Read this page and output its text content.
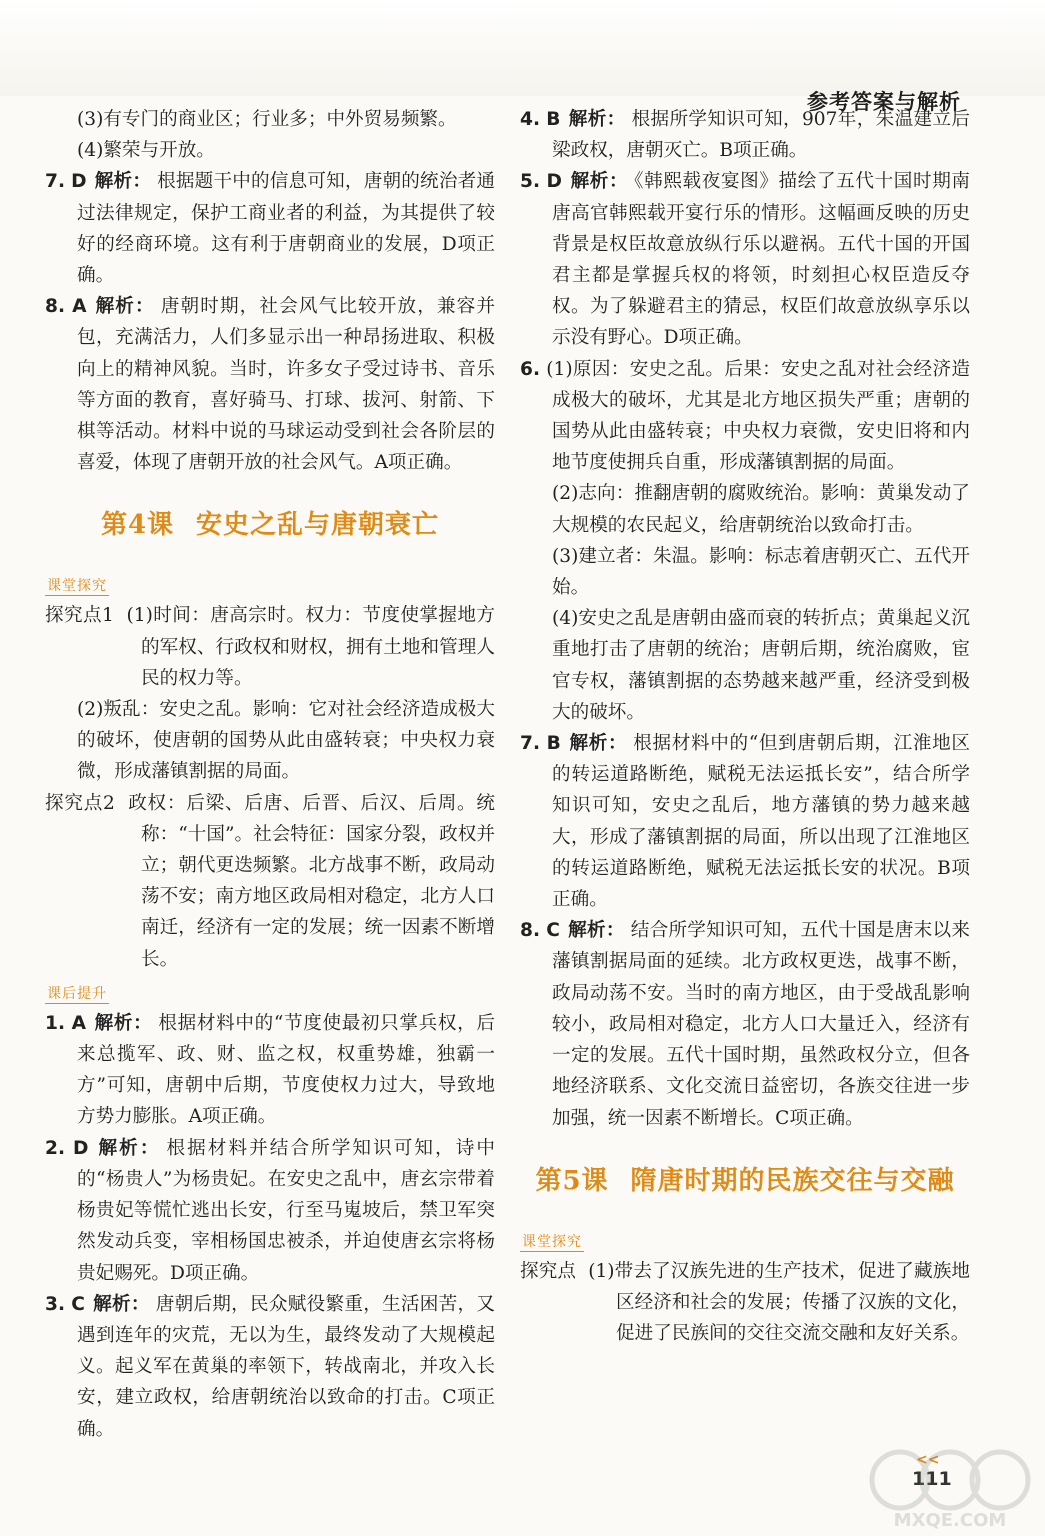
参考答案与解析

(3)有专门的商业区；行业多；中外贸易频繁。

(4)繁荣与开放。

7. D 解析： 根据题干中的信息可知，唐朝的统治者通过法律规定，保护工商业者的利益，为其提供了较好的经商环境。这有利于唐朝商业的发展，D项正确。

8. A 解析： 唐朝时期，社会风气比较开放，兼容并包，充满活力，人们多显示出一种昂扬进取、积极向上的精神风貌。当时，许多女子受过诗书、音乐等方面的教育，喜好骑马、打球、拔河、射箭、下棋等活动。材料中说的马球运动受到社会各阶层的喜爱，体现了唐朝开放的社会风气。A项正确。

第4课 安史之乱与唐朝衰亡
课堂探究

探究点1 (1)时间：唐高宗时。权力：节度使掌握地方的军权、行政权和财权，拥有土地和管理人民的权力等。

(2)叛乱：安史之乱。影响：它对社会经济造成极大的破坏，使唐朝的国势从此由盛转衰；中央权力衰微，形成藩镇割据的局面。

探究点2 政权：后梁、后唐、后晋、后汉、后周。统称：“十国”。社会特征：国家分裂，政权并立；朝代更迭频繁。北方战事不断，政局动荡不安；南方地区政局相对稳定，北方人口南迁，经济有一定的发展；统一因素不断增长。

课后提升

1. A 解析： 根据材料中的“节度使最初只掌兵权，后来总揽军、政、财、监之权，权重势雄，独霸一方”可知，唐朝中后期，节度使权力过大，导致地方势力膨胀。A项正确。

2. D 解析： 根据材料并结合所学知识可知，诗中的“杨贵人”为杨贵妃。在安史之乱中，唐玄宗带着杨贵妃等慌忙逃出长安，行至马嵬坡后，禁卫军突然发动兵变，宰相杨国忠被杀，并迫使唐玄宗将杨贵妃赐死。D项正确。

3. C 解析： 唐朝后期，民众赋役繁重，生活困苦，又遇到连年的灾荒，无以为生，最终发动了大规模起义。起义军在黄巢的率领下，转战南北，并攻入长安，建立政权，给唐朝统治以致命的打击。C项正确。

4. B 解析： 根据所学知识可知，907年，朱温建立后梁政权，唐朝灭亡。B项正确。

5. D 解析： 《韩熙载夜宴图》描绘了五代十国时期南唐高官韩熙载开宴行乐的情形。这幅画反映的历史背景是权臣故意放纵行乐以避祸。五代十国的开国君主都是掌握兵权的将领，时刻担心权臣造反夺权。为了躲避君主的猜忌，权臣们故意放纵享乐以示没有野心。D项正确。

6. (1)原因：安史之乱。后果：安史之乱对社会经济造成极大的破坏，尤其是北方地区损失严重；唐朝的国势从此由盛转衰；中央权力衰微，安史旧将和内地节度使拥兵自重，形成藩镇割据的局面。

(2)志向：推翻唐朝的腐败统治。影响：黄巢发动了大规模的农民起义，给唐朝统治以致命打击。

(3)建立者：朱温。影响：标志着唐朝灭亡、五代开始。

(4)安史之乱是唐朝由盛而衰的转折点；黄巢起义沉重地打击了唐朝的统治；唐朝后期，统治腐败，宦官专权，藩镇割据的态势越来越严重，经济受到极大的破坏。

7. B 解析： 根据材料中的“但到唐朝后期，江淮地区的转运道路断绝，赋税无法运抵长安”，结合所学知识可知，安史之乱后，地方藩镇的势力越来越大，形成了藩镇割据的局面，所以出现了江淮地区的转运道路断绝，赋税无法运抵长安的状况。B项正确。

8. C 解析： 结合所学知识可知，五代十国是唐末以来藩镇割据局面的延续。北方政权更迭，战事不断，政局动荡不安。当时的南方地区，由于受战乱影响较小，政局相对稳定，北方人口大量迁入，经济有一定的发展。五代十国时期，虽然政权分立，但各地经济联系、文化交流日益密切，各族交往进一步加强，统一因素不断增长。C项正确。

第5课 隋唐时期的民族交往与交融
课堂探究

探究点 (1)带去了汉族先进的生产技术，促进了藏族地区经济和社会的发展；传播了汉族的文化，促进了民族间的交往交流交融和友好关系。

<<
111
MXQE.COM
